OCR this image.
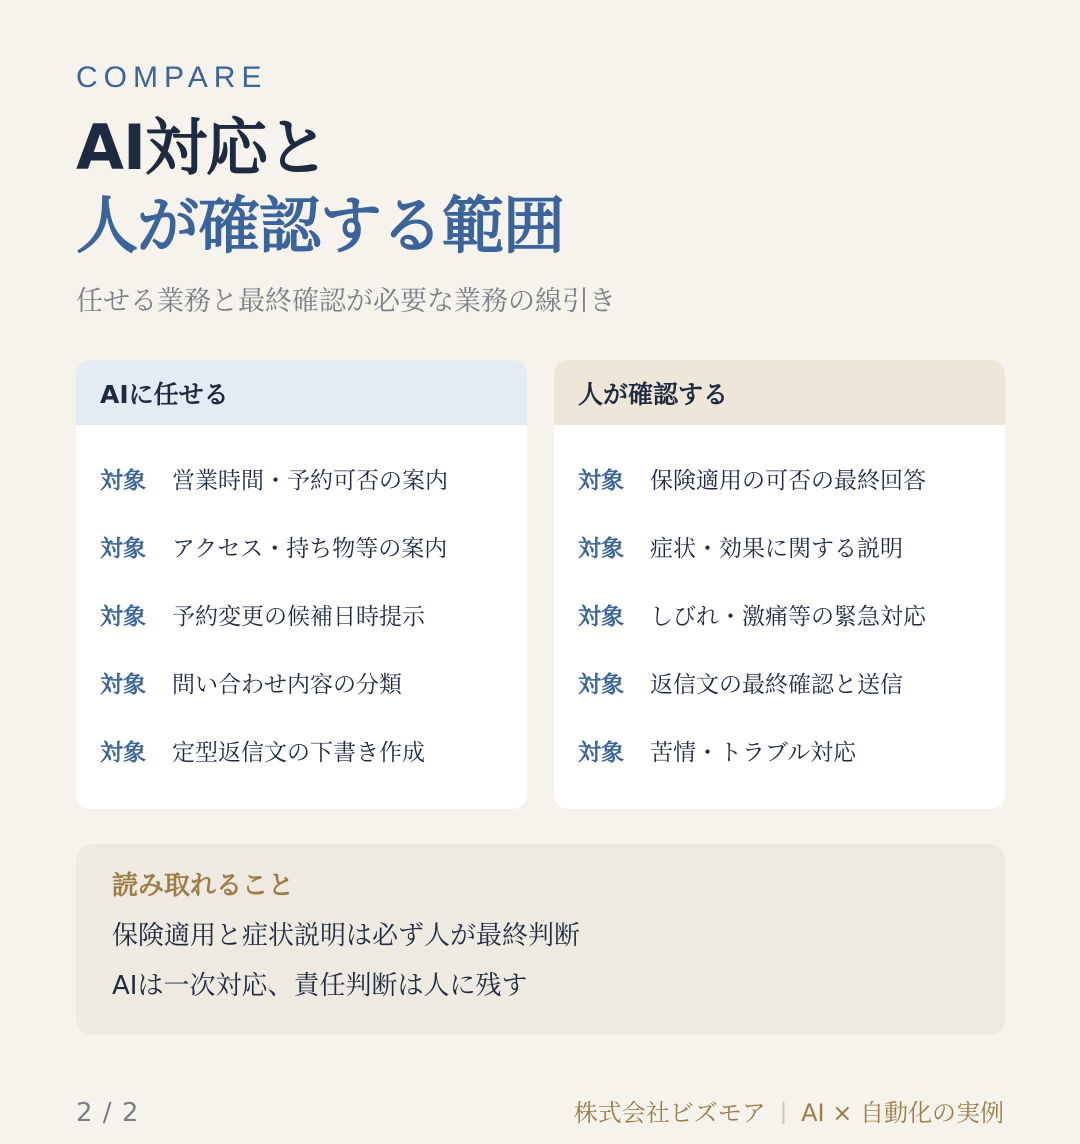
COMPARE
AI対応と
人が確認する範囲
任せる業務と最終確認が必要な業務の線引き
AIに任せる
対象	営業時間・予約可否の案内
対象	アクセス・持ち物等の案内
対象	予約変更の候補日時提示
対象	問い合わせ内容の分類
対象	定型返信文の下書き作成
人が確認する
対象	保険適用の可否の最終回答
対象	症状・効果に関する説明
対象	しびれ・激痛等の緊急対応
対象	返信文の最終確認と送信
対象	苦情・トラブル対応
読み取れること
保険適用と症状説明は必ず人が最終判断
AIは一次対応、責任判断は人に残す
2 / 2	株式会社ビズモア | AI × 自動化の実例
